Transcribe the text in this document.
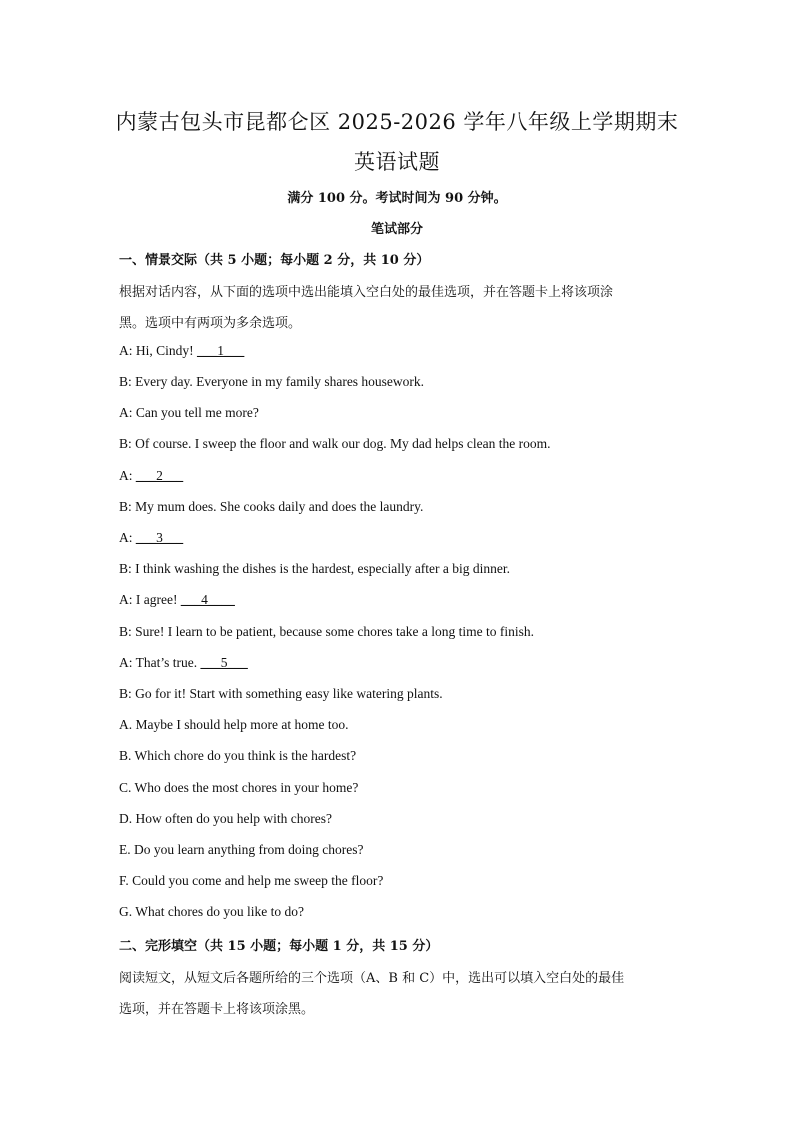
内蒙古包头市昆都仑区 2025-2026 学年八年级上学期期末
英语试题
满分 100 分。考试时间为 90 分钟。
笔试部分
一、情景交际（共 5 小题；每小题 2 分，共 10 分）
根据对话内容，从下面的选项中选出能填入空白处的最佳选项，并在答题卡上将该项涂
黑。选项中有两项为多余选项。
A: Hi, Cindy! ___1___
B: Every day. Everyone in my family shares housework.
A: Can you tell me more?
B: Of course. I sweep the floor and walk our dog. My dad helps clean the room.
A: ___2___
B: My mum does. She cooks daily and does the laundry.
A: ___3___
B: I think washing the dishes is the hardest, especially after a big dinner.
A: I agree! ___4____
B: Sure! I learn to be patient, because some chores take a long time to finish.
A: That’s true. ___5___
B: Go for it! Start with something easy like watering plants.
A. Maybe I should help more at home too.
B. Which chore do you think is the hardest?
C. Who does the most chores in your home?
D. How often do you help with chores?
E. Do you learn anything from doing chores?
F. Could you come and help me sweep the floor?
G. What chores do you like to do?
二、完形填空（共 15 小题；每小题 1 分，共 15 分）
阅读短文，从短文后各题所给的三个选项（A、B 和 C）中，选出可以填入空白处的最佳
选项，并在答题卡上将该项涂黑。
